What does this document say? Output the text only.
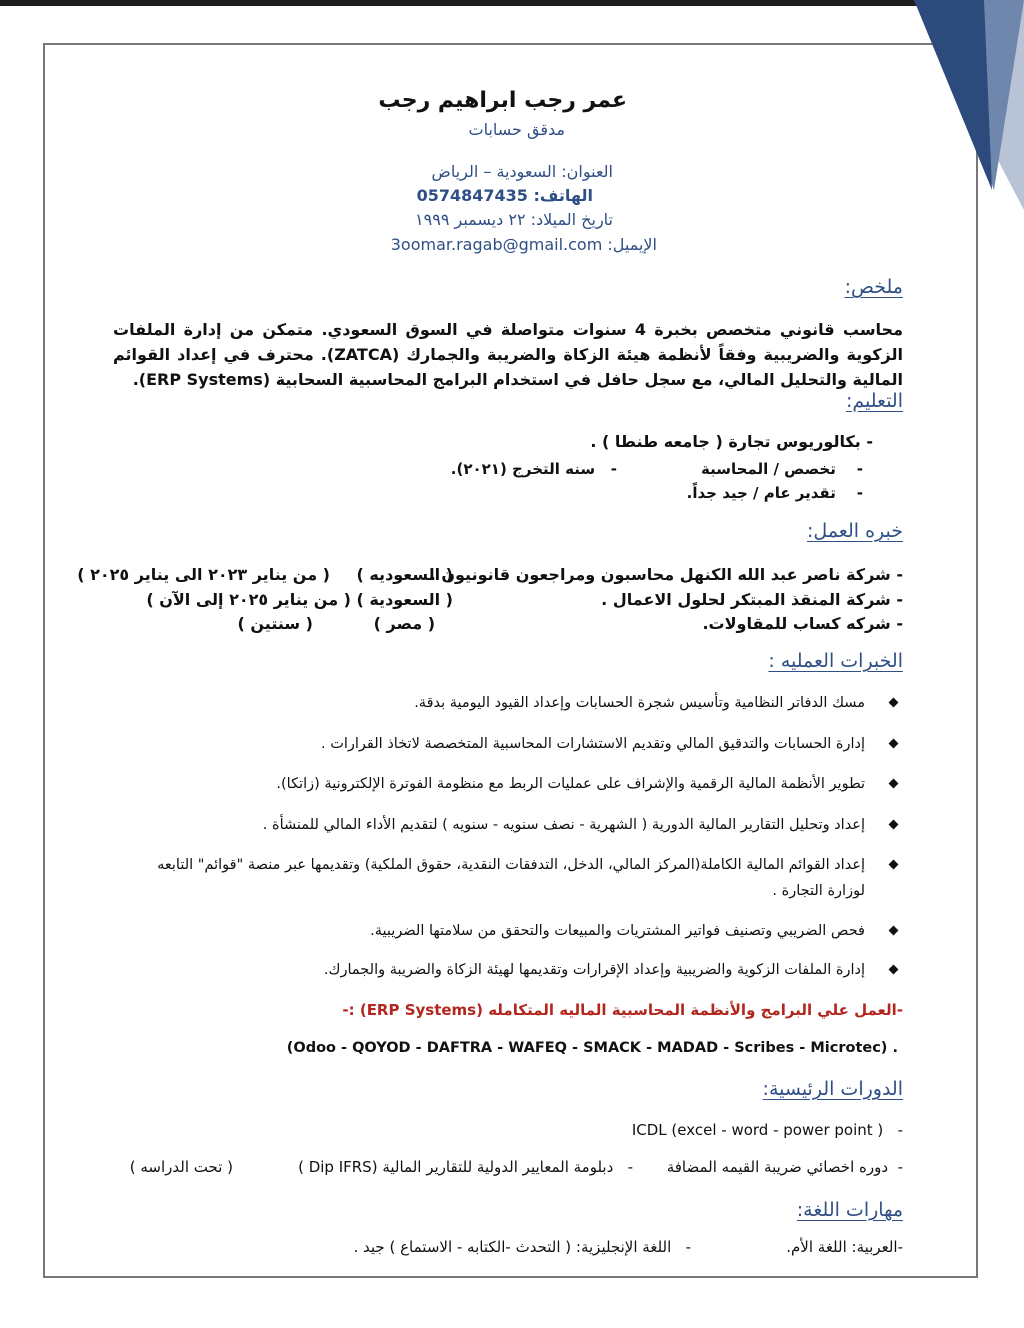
عمر رجب ابراهيم رجب
مدقق حسابات
العنوان: السعودية – الرياض
الهاتف: 0574847435
تاريخ الميلاد: ٢٢ ديسمبر ١٩٩٩
الإيميل: 3oomar.ragab@gmail.com
ملخص:
محاسب قانوني متخصص بخبرة 4 سنوات متواصلة في السوق السعودي. متمكن من إدارة الملفات الزكوية والضريبية وفقاً لأنظمة هيئة الزكاة والضريبة والجمارك (ZATCA). محترف في إعداد القوائم المالية والتحليل المالي، مع سجل حافل في استخدام البرامج المحاسبية السحابية (ERP Systems).
التعليم:
- بكالوريوس تجارة ( جامعه طنطا ) .
-    تخصص / المحاسبة
-   سنه التخرج (٢٠٢١).
-    تقدير عام / جيد جداً.
خبره العمل:
- شركة ناصر عبد الله الكنهل محاسبون ومراجعون قانونيون .
( السعوديه )
( من يناير ٢٠٢٣ الى يناير ٢٠٢٥ )
- شركة المنقذ المبتكر لحلول الاعمال .
( السعودية )
( من يناير ٢٠٢٥ إلى الآن )
- شركه كساب للمقاولات.
( مصر )
( سنتين )
الخبرات العمليه :
مسك الدفاتر النظامية وتأسيس شجرة الحسابات وإعداد القيود اليومية بدقة.
إدارة الحسابات والتدقيق المالي وتقديم الاستشارات المحاسبية المتخصصة لاتخاذ القرارات .
تطوير الأنظمة المالية الرقمية والإشراف على عمليات الربط مع منظومة الفوترة الإلكترونية (زاتكا).
إعداد وتحليل التقارير المالية الدورية ( الشهرية - نصف سنويه - سنويه ) لتقديم الأداء المالي للمنشأة .
إعداد القوائم المالية الكاملة(المركز المالي، الدخل، التدفقات النقدية، حقوق الملكية) وتقديمها عبر منصة "قوائم" التابعه لوزارة التجارة .
فحص الضريبي وتصنيف فواتير المشتريات والمبيعات والتحقق من سلامتها الضريبية.
إدارة الملفات الزكوية والضريبية وإعداد الإقرارات وتقديمها لهيئة الزكاة والضريبة والجمارك.
-العمل علي البرامج والأنظمة المحاسبية الماليه المتكامله (ERP Systems) :-
(Odoo - QOYOD - DAFTRA - WAFEQ - SMACK - MADAD - Scribes - Microtec) .
الدورات الرئيسية:
-   ICDL (excel - word - power point )
-  دوره اخصائي ضريبة القيمه المضافة
-   دبلومة المعايير الدولية للتقارير المالية (Dip IFRS )
( تحت الدراسه )
مهارات اللغة:
-العربية: اللغة الأم.
-   اللغة الإنجليزية: ( التحدث -الكتابه - الاستماع ) جيد .
